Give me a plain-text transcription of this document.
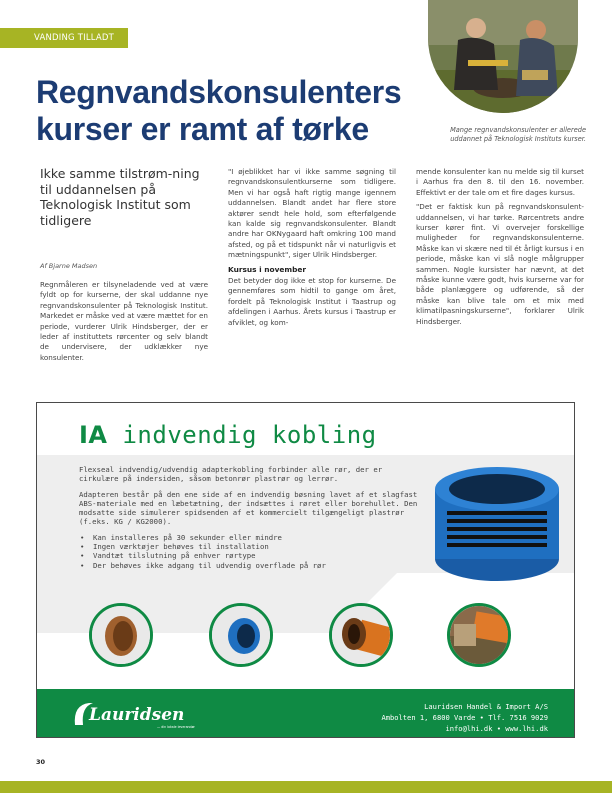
VANDING TILLADT
Regnvandskonsulenters
kurser er ramt af tørke	Mange regnvandskonsulenter er allerede uddannet på Teknologisk Instituts kurser.
Ikke samme tilstrøm-ning til uddannelsen på Teknologisk Institut som tidligere
Af Bjarne Madsen

Regnmåleren er tilsyneladende ved at være fyldt op for kurserne, der skal uddanne nye regnvandskonsulenter på Teknologisk Institut. Markedet er måske ved at være mættet for en periode, vurderer Ulrik Hindsberger, der er leder af instituttets rørcenter og selv blandt de undervisere, der udklækker nye konsulenter.

"I øjeblikket har vi ikke samme søgning til regnvandskonsulentkurserne som tidligere. Men vi har også haft rigtig mange igennem uddannelsen. Blandt andet har flere store aktører sendt hele hold, som efterfølgende kan kalde sig regnvandskonsulenter. Blandt andre har OKNygaard haft omkring 100 mand afsted, og på et tidspunkt når vi naturligvis et mætningspunkt", siger Ulrik Hindsberger.

Kursus i november

Det betyder dog ikke et stop for kurserne. De gennemføres som hidtil to gange om året, fordelt på Teknologisk Institut i Taastrup og afdelingen i Aarhus. Årets kursus i Taastrup er afviklet, og kom-

mende konsulenter kan nu melde sig til kurset i Aarhus fra den 8. til den 16. november. Effektivt er der tale om et fire dages kursus.

"Det er faktisk kun på regnvandskonsulent-uddannelsen, vi har tørke. Rørcentrets andre kurser kører fint. Vi overvejer forskellige muligheder for regnvandskonsulenterne. Måske kan vi skære ned til ét årligt kursus i en periode, måske kan vi slå nogle målgrupper sammen. Nogle kursister har nævnt, at det måske kunne være godt, hvis kurserne var for både planlæggere og udførende, så der måske kan blive tale om et mix med klimatilpasningskurserne", forklarer Ulrik Hindsberger.

IA indvendig kobling

Flexseal indvendig/udvendig adapterkobling forbinder alle rør, der er cirkulære på indersiden, såsom betonrør plastrør og lerrør.

Adapteren består på den ene side af en indvendig bøsning lavet af et slagfast ABS-materiale med en læbetætning, der indsættes i røret eller borehullet. Den modsatte side simulerer spidsenden af et kommercielt tilgængeligt plastrør (f.eks. KG / KG2000).

• Kan installeres på 30 sekunder eller mindre
• Ingen værktøjer behøves til installation
• Vandtæt tilslutning på enhver rørtype
• Der behøves ikke adgang til udvendig overflade på rør
Lauridsen
— din lokale leverandør
Lauridsen Handel & Import A/S
Ambolten 1, 6800 Varde • Tlf. 7516 9029
info@lhi.dk • www.lhi.dk
30
